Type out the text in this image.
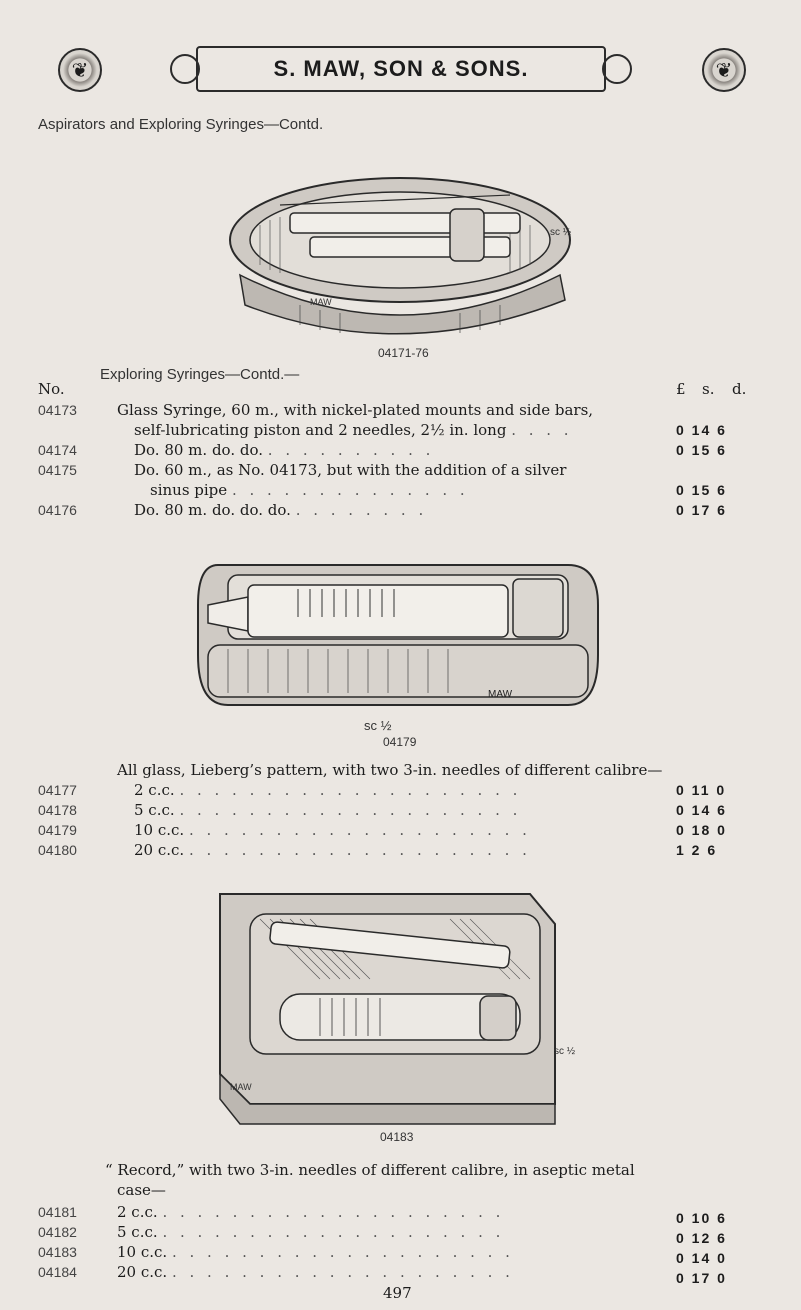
❦	❦
S. MAW, SON & SONS.
Aspirators and Exploring Syringes—Contd.
MAW
sc ½
04171-76
Exploring Syringes—Contd.—
No.	£ s. d.
04173	Glass Syringe, 60 m., with nickel-plated mounts and side bars,
self-lubricating piston and 2 needles, 2½ in. long . . . .	0 14 6
04174	Do. 80 m. do. do. . . . . . . . . . .	0 15 6
04175	Do. 60 m., as No. 04173, but with the addition of a silver
sinus pipe . . . . . . . . . . . . . .	0 15 6
04176	Do. 80 m. do. do. do. . . . . . . . .	0 17 6
MAW
sc ½
04179
All glass, Lieberg’s pattern, with two 3-in. needles of different calibre—
04177	2 c.c. . . . . . . . . . . . . . . . . . . . .	0 11 0
04178	5 c.c. . . . . . . . . . . . . . . . . . . . .	0 14 6
04179	10 c.c. . . . . . . . . . . . . . . . . . . . .	0 18 0
04180	20 c.c. . . . . . . . . . . . . . . . . . . . .	1 2 6
MAW
sc ½
04183
“ Record,” with two 3-in. needles of different calibre, in aseptic metal
case—
04181	2 c.c. . . . . . . . . . . . . . . . . . . . .	0 10 6
04182	5 c.c. . . . . . . . . . . . . . . . . . . . .	0 12 6
04183	10 c.c. . . . . . . . . . . . . . . . . . . . .	0 14 0
04184	20 c.c. . . . . . . . . . . . . . . . . . . . .	0 17 0
497
